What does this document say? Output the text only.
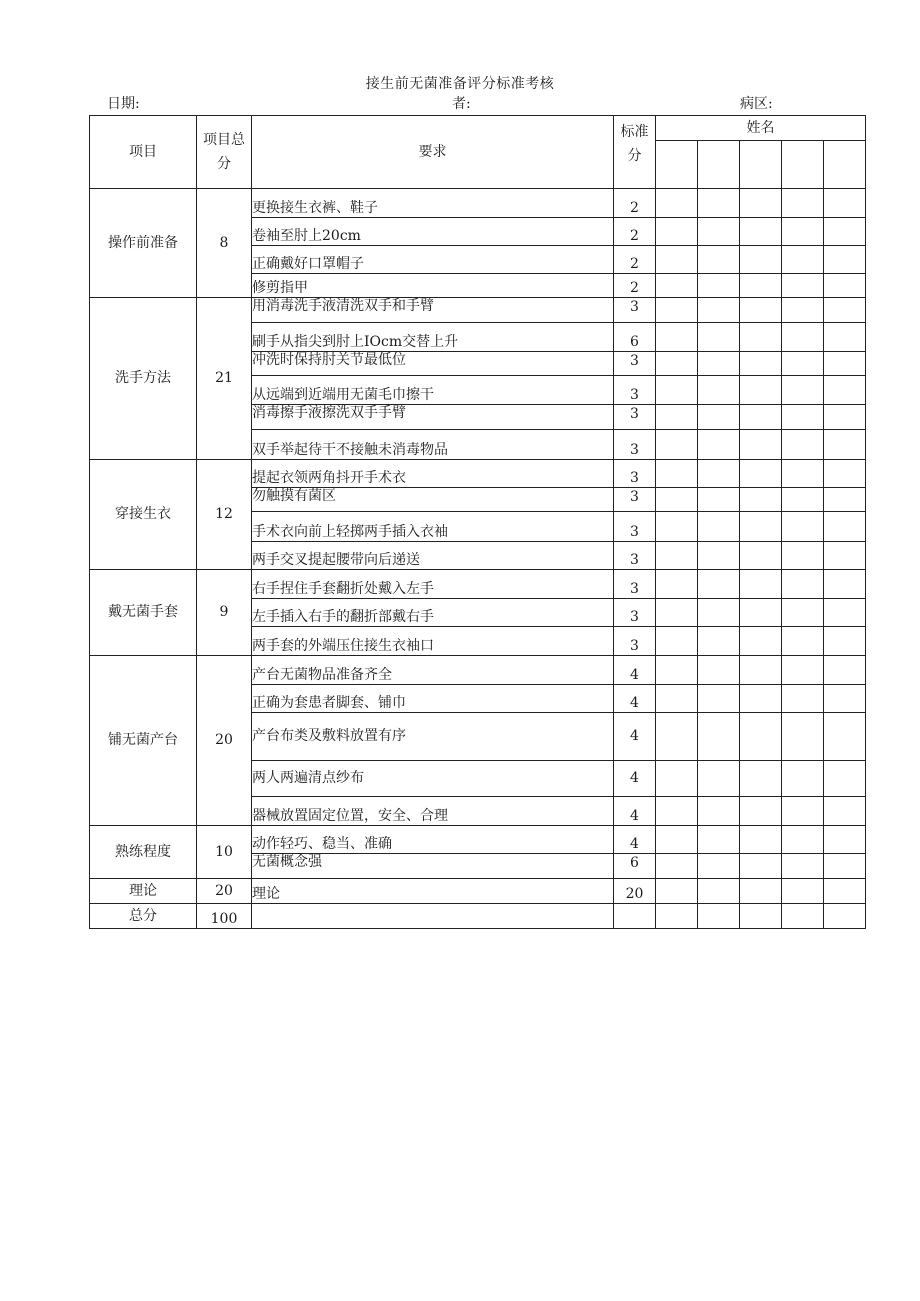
接生前无菌准备评分标准考核
日期:	者:	病区:
项目	项目总
分	要求	标准
分	姓名				

操作前准备	8	更换接生衣裤、鞋子	2					
		卷袖至肘上20cm	2					
		正确戴好口罩帽子	2					
		修剪指甲	2					
洗手方法	21	用消毒洗手液清洗双手和手臂	3					
		刷手从指尖到肘上IOcm交替上升	6					
		冲洗时保持肘关节最低位	3					
		从远端到近端用无菌毛巾擦干	3					
		消毒擦手液擦洗双手手臂	3					
		双手举起待干不接触未消毒物品	3					
穿接生衣	12	提起衣领两角抖开手术衣	3					
		勿触摸有菌区	3					
		手术衣向前上轻掷两手插入衣袖	3					
		两手交叉提起腰带向后递送	3					
戴无菌手套	9	右手捏住手套翻折处戴入左手	3					
		左手插入右手的翻折部戴右手	3					
		两手套的外端压住接生衣袖口	3					
铺无菌产台	20	产台无菌物品准备齐全	4					
		正确为套患者脚套、铺巾	4					
		产台布类及敷料放置有序	4					
		两人两遍清点纱布	4					
		器械放置固定位置，安全、合理	4					
熟练程度	10	动作轻巧、稳当、准确	4					
		无菌概念强	6					
理论	20	理论	20					
总分	100							
